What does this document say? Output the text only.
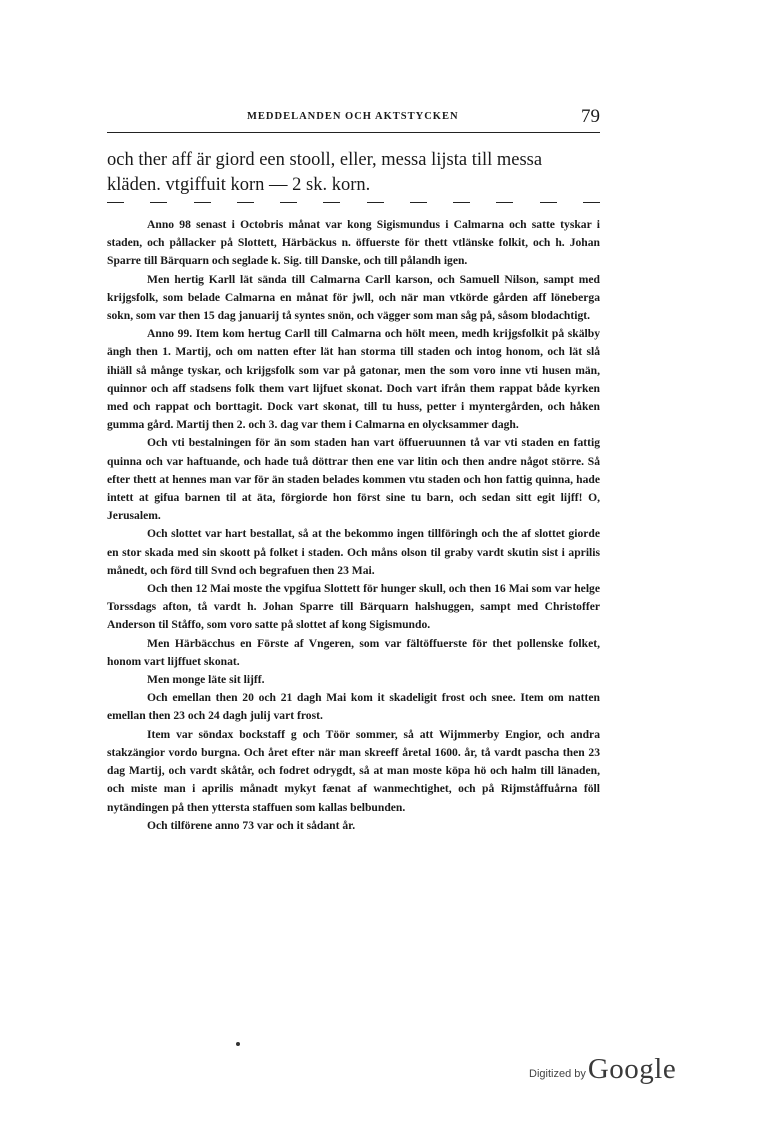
MEDDELANDEN OCH AKTSTYCKEN	79

och ther aff är giord een stooll, eller, messa lijsta till messa kläden. vtgiffuit korn — 2 sk. korn.

Anno 98 senast i Octobris månat var kong Sigismundus i Calmarna och satte tyskar i staden, och pållacker på Slottett, Härbäckus n. öffuerste för thett vtlänske folkit, och h. Johan Sparre till Bärquarn och seglade k. Sig. till Danske, och till pålandh igen.

Men hertig Karll lät sända till Calmarna Carll karson, och Samuell Nilson, sampt med krijgsfolk, som belade Calmarna en månat för jwll, och när man vtkörde gården aff löneberga sokn, som var then 15 dag januarij tå syntes snön, och vägger som man såg på, såsom blodachtigt.

Anno 99. Item kom hertug Carll till Calmarna och hölt meen, medh krijgsfolkit på skälby ängh then 1. Martij, och om natten efter lät han storma till staden och intog honom, och lät slå ihiäll så månge tyskar, och krijgsfolk som var på gatonar, men the som voro inne vti husen män, quinnor och aff stadsens folk them vart lijfuet skonat. Doch vart ifrån them rappat både kyrken med och rappat och borttagit. Dock vart skonat, till tu huss, petter i myntergården, och håken gumma gård. Martij then 2. och 3. dag var them i Calmarna en olycksammer dagh.

Och vti bestalningen för än som staden han vart öffueruunnen tå var vti staden en fattig quinna och var haftuande, och hade tuå döttrar then ene var litin och then andre något större. Så efter thett at hennes man var för än staden belades kommen vtu staden och hon fattig quinna, hade intett at gifua barnen til at äta, förgiorde hon först sine tu barn, och sedan sitt egit lijff! O, Jerusalem.

Och slottet var hart bestallat, så at the bekommo ingen tillföringh och the af slottet giorde en stor skada med sin skoott på folket i staden. Och måns olson til graby vardt skutin sist i aprilis månedt, och förd till Svnd och begrafuen then 23 Mai.

Och then 12 Mai moste the vpgifua Slottett för hunger skull, och then 16 Mai som var helge Torssdags afton, tå vardt h. Johan Sparre till Bärquarn halshuggen, sampt med Christoffer Anderson til Ståffo, som voro satte på slottet af kong Sigismundo.

Men Härbäcchus en Förste af Vngeren, som var fältöffuerste för thet pollenske folket, honom vart lijffuet skonat.

Men monge läte sit lijff.

Och emellan then 20 och 21 dagh Mai kom it skadeligit frost och snee. Item om natten emellan then 23 och 24 dagh julij vart frost.

Item var söndax bockstaff g och Töör sommer, så att Wijmmerby Engior, och andra stakzängior vordo burgna. Och året efter när man skreeff åretal 1600. år, tå vardt pascha then 23 dag Martij, och vardt skåtår, och fodret odrygdt, så at man moste köpa hö och halm till länaden, och miste man i aprilis månadt mykyt fænat af wanmechtighet, och på Rijmståffuårna föll nytändingen på then yttersta staffuen som kallas belbunden.

Och tilförene anno 73 var och it sådant år.

Digitized by Google
